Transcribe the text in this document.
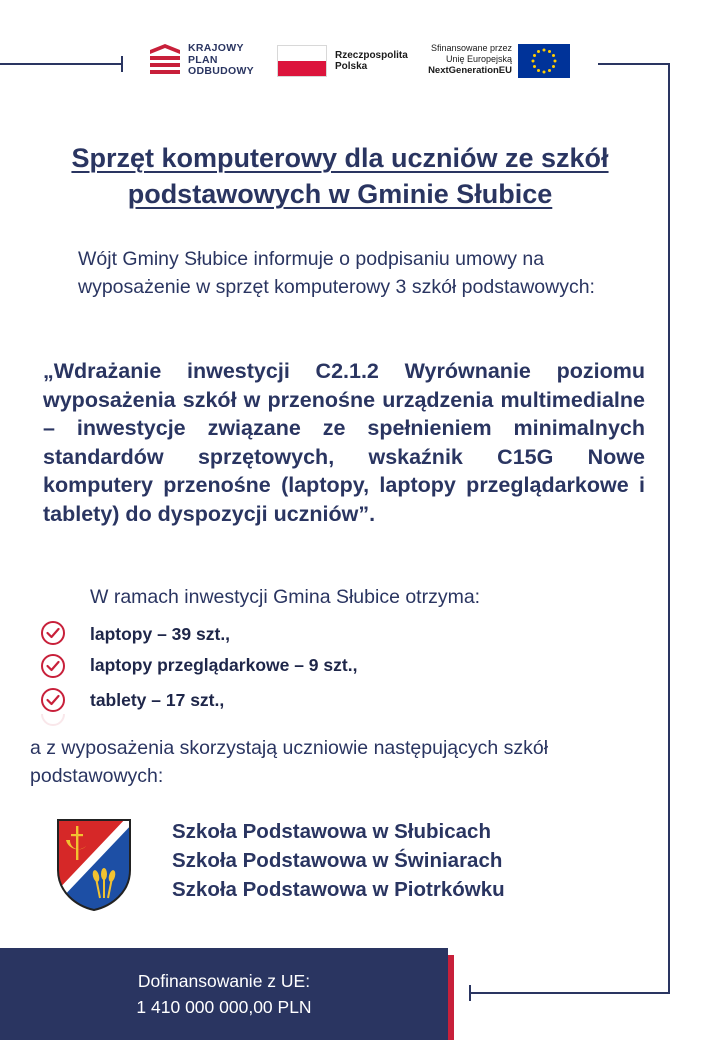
KRAJOWY
PLAN
ODBUDOWY
Rzeczpospolita
Polska
Sfinansowane przez
Unię Europejską
NextGenerationEU
Sprzęt komputerowy dla uczniów ze szkół
podstawowych w Gminie Słubice
Wójt Gminy Słubice informuje o podpisaniu umowy na wyposażenie w sprzęt komputerowy 3 szkół podstawowych:
„Wdrażanie inwestycji C2.1.2 Wyrównanie poziomu wyposażenia szkół w przenośne urządzenia multimedialne – inwestycje związane ze spełnieniem minimalnych standardów sprzętowych, wskaźnik C15G Nowe komputery przenośne (laptopy, laptopy przeglądarkowe i tablety) do dyspozycji uczniów”.
W ramach inwestycji Gmina Słubice otrzyma:
laptopy – 39 szt.,
laptopy przeglądarkowe – 9 szt.,
tablety – 17 szt.,
a z wyposażenia skorzystają uczniowie następujących szkół podstawowych:
Szkoła Podstawowa w Słubicach
Szkoła Podstawowa w Świniarach
Szkoła Podstawowa w Piotrkówku
Dofinansowanie z UE:
1 410 000 000,00 PLN
